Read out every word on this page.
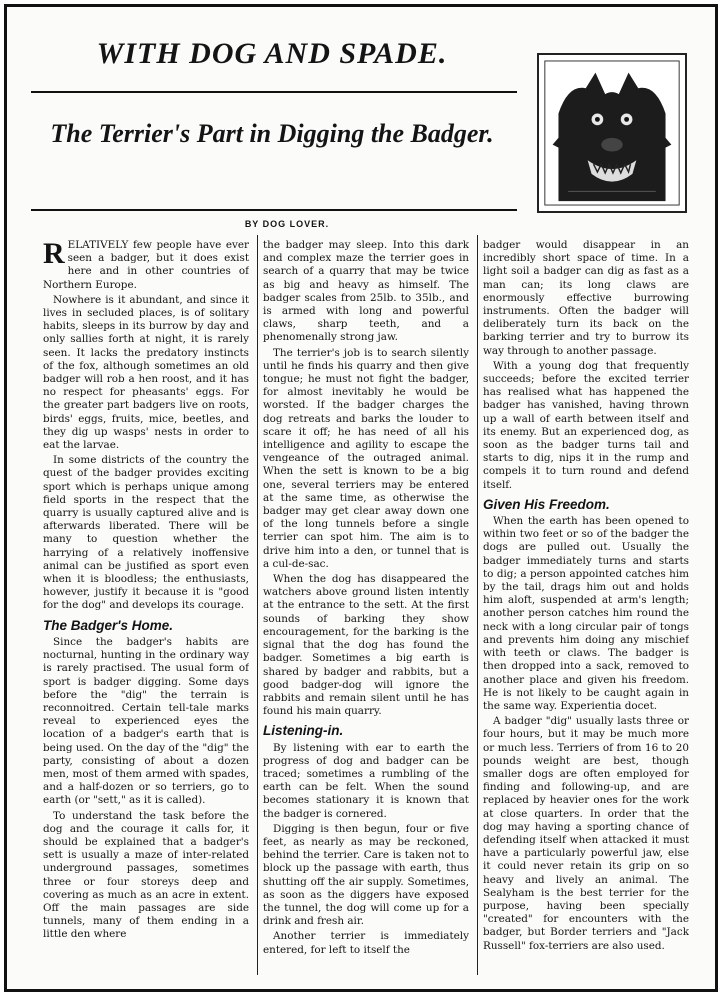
WITH DOG AND SPADE.
The Terrier's Part in Digging the Badger.

BY DOG LOVER.

RELATIVELY few people have ever seen a badger, but it does exist here and in other countries of Northern Europe.

Nowhere is it abundant, and since it lives in secluded places, is of solitary habits, sleeps in its burrow by day and only sallies forth at night, it is rarely seen. It lacks the predatory instincts of the fox, although sometimes an old badger will rob a hen roost, and it has no respect for pheasants' eggs. For the greater part badgers live on roots, birds' eggs, fruits, mice, beetles, and they dig up wasps' nests in order to eat the larvae.

In some districts of the country the quest of the badger provides exciting sport which is perhaps unique among field sports in the respect that the quarry is usually captured alive and is afterwards liberated. There will be many to question whether the harrying of a relatively inoffensive animal can be justified as sport even when it is bloodless; the enthusiasts, however, justify it because it is "good for the dog" and develops its courage.

The Badger's Home.

Since the badger's habits are nocturnal, hunting in the ordinary way is rarely practised. The usual form of sport is badger digging. Some days before the "dig" the terrain is reconnoitred. Certain tell-tale marks reveal to experienced eyes the location of a badger's earth that is being used. On the day of the "dig" the party, consisting of about a dozen men, most of them armed with spades, and a half-dozen or so terriers, go to earth (or "sett," as it is called).

To understand the task before the dog and the courage it calls for, it should be explained that a badger's sett is usually a maze of inter-related underground passages, sometimes three or four storeys deep and covering as much as an acre in extent. Off the main passages are side tunnels, many of them ending in a little den where

the badger may sleep. Into this dark and complex maze the terrier goes in search of a quarry that may be twice as big and heavy as himself. The badger scales from 25lb. to 35lb., and is armed with long and powerful claws, sharp teeth, and a phenomenally strong jaw.

The terrier's job is to search silently until he finds his quarry and then give tongue; he must not fight the badger, for almost inevitably he would be worsted. If the badger charges the dog retreats and barks the louder to scare it off; he has need of all his intelligence and agility to escape the vengeance of the outraged animal. When the sett is known to be a big one, several terriers may be entered at the same time, as otherwise the badger may get clear away down one of the long tunnels before a single terrier can spot him. The aim is to drive him into a den, or tunnel that is a cul-de-sac.

When the dog has disappeared the watchers above ground listen intently at the entrance to the sett. At the first sounds of barking they show encouragement, for the barking is the signal that the dog has found the badger. Sometimes a big earth is shared by badger and rabbits, but a good badger-dog will ignore the rabbits and remain silent until he has found his main quarry.

Listening-in.

By listening with ear to earth the progress of dog and badger can be traced; sometimes a rumbling of the earth can be felt. When the sound becomes stationary it is known that the badger is cornered.

Digging is then begun, four or five feet, as nearly as may be reckoned, behind the terrier. Care is taken not to block up the passage with earth, thus shutting off the air supply. Sometimes, as soon as the diggers have exposed the tunnel, the dog will come up for a drink and fresh air.

Another terrier is immediately entered, for left to itself the

badger would disappear in an incredibly short space of time. In a light soil a badger can dig as fast as a man can; its long claws are enormously effective burrowing instruments. Often the badger will deliberately turn its back on the barking terrier and try to burrow its way through to another passage.

With a young dog that frequently succeeds; before the excited terrier has realised what has happened the badger has vanished, having thrown up a wall of earth between itself and its enemy. But an experienced dog, as soon as the badger turns tail and starts to dig, nips it in the rump and compels it to turn round and defend itself.

Given His Freedom.

When the earth has been opened to within two feet or so of the badger the dogs are pulled out. Usually the badger immediately turns and starts to dig; a person appointed catches him by the tail, drags him out and holds him aloft, suspended at arm's length; another person catches him round the neck with a long circular pair of tongs and prevents him doing any mischief with teeth or claws. The badger is then dropped into a sack, removed to another place and given his freedom. He is not likely to be caught again in the same way. Experientia docet.

A badger "dig" usually lasts three or four hours, but it may be much more or much less. Terriers of from 16 to 20 pounds weight are best, though smaller dogs are often employed for finding and following-up, and are replaced by heavier ones for the work at close quarters. In order that the dog may having a sporting chance of defending itself when attacked it must have a particularly powerful jaw, else it could never retain its grip on so heavy and lively an animal. The Sealyham is the best terrier for the purpose, having been specially "created" for encounters with the badger, but Border terriers and "Jack Russell" fox-terriers are also used.
